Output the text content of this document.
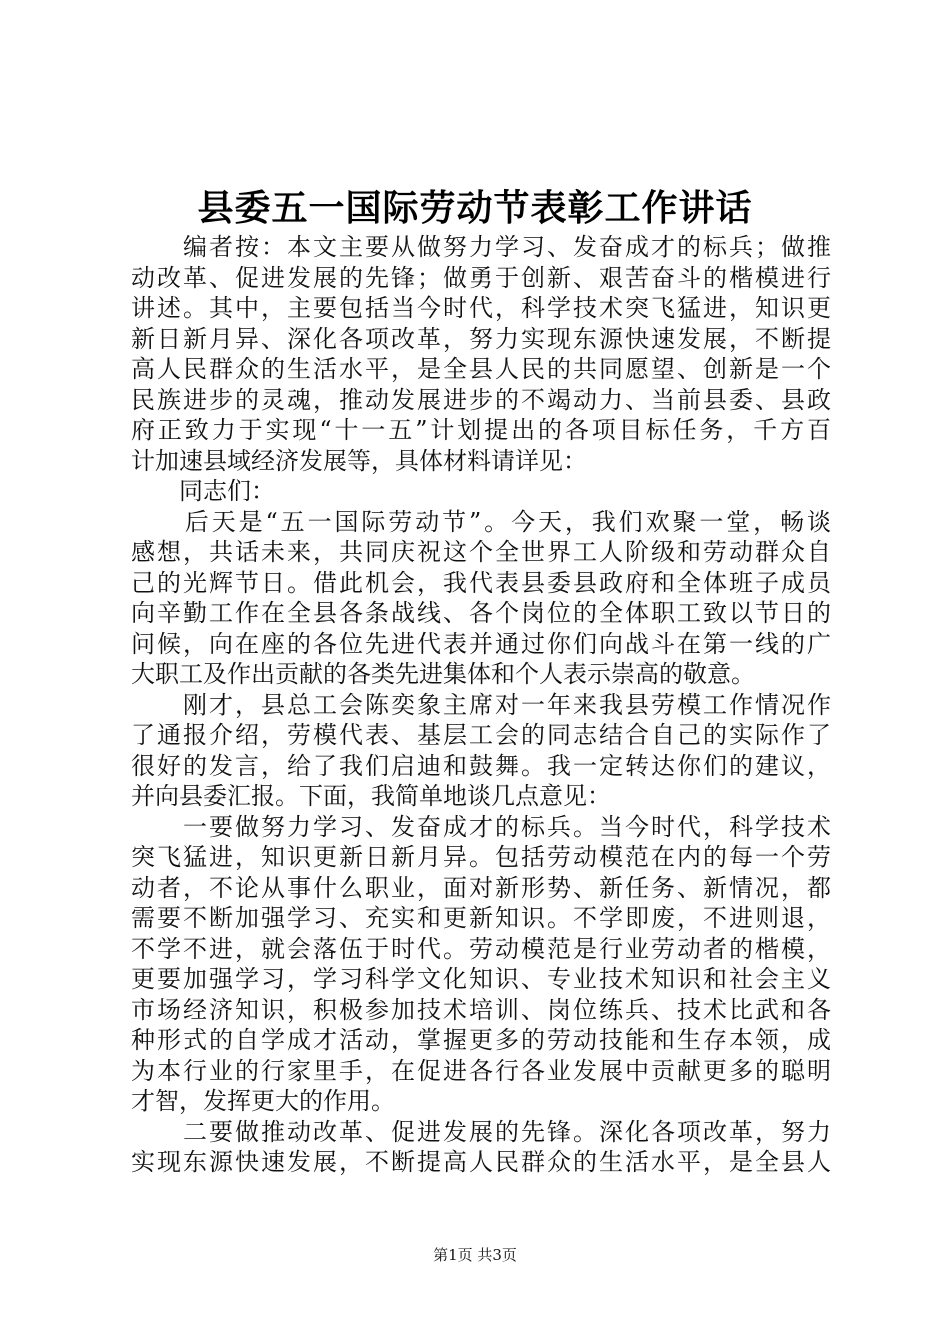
县委五一国际劳动节表彰工作讲话
　　编者按：本文主要从做努力学习、发奋成才的标兵；做推
动改革、促进发展的先锋；做勇于创新、艰苦奋斗的楷模进行
讲述。其中，主要包括当今时代，科学技术突飞猛进，知识更
新日新月异、深化各项改革，努力实现东源快速发展，不断提
高人民群众的生活水平，是全县人民的共同愿望、创新是一个
民族进步的灵魂，推动发展进步的不竭动力、当前县委、县政
府正致力于实现“十一五”计划提出的各项目标任务，千方百
计加速县域经济发展等，具体材料请详见：
　　同志们：
　　后天是“五一国际劳动节”。今天，我们欢聚一堂，畅谈
感想，共话未来，共同庆祝这个全世界工人阶级和劳动群众自
己的光辉节日。借此机会，我代表县委县政府和全体班子成员
向辛勤工作在全县各条战线、各个岗位的全体职工致以节日的
问候，向在座的各位先进代表并通过你们向战斗在第一线的广
大职工及作出贡献的各类先进集体和个人表示崇高的敬意。
　　刚才，县总工会陈奕象主席对一年来我县劳模工作情况作
了通报介绍，劳模代表、基层工会的同志结合自己的实际作了
很好的发言，给了我们启迪和鼓舞。我一定转达你们的建议，
并向县委汇报。下面，我简单地谈几点意见：
　　一要做努力学习、发奋成才的标兵。当今时代，科学技术
突飞猛进，知识更新日新月异。包括劳动模范在内的每一个劳
动者，不论从事什么职业，面对新形势、新任务、新情况，都
需要不断加强学习、充实和更新知识。不学即废，不进则退，
不学不进，就会落伍于时代。劳动模范是行业劳动者的楷模，
更要加强学习，学习科学文化知识、专业技术知识和社会主义
市场经济知识，积极参加技术培训、岗位练兵、技术比武和各
种形式的自学成才活动，掌握更多的劳动技能和生存本领，成
为本行业的行家里手，在促进各行各业发展中贡献更多的聪明
才智，发挥更大的作用。
　　二要做推动改革、促进发展的先锋。深化各项改革，努力
实现东源快速发展，不断提高人民群众的生活水平，是全县人
第1页 共3页
